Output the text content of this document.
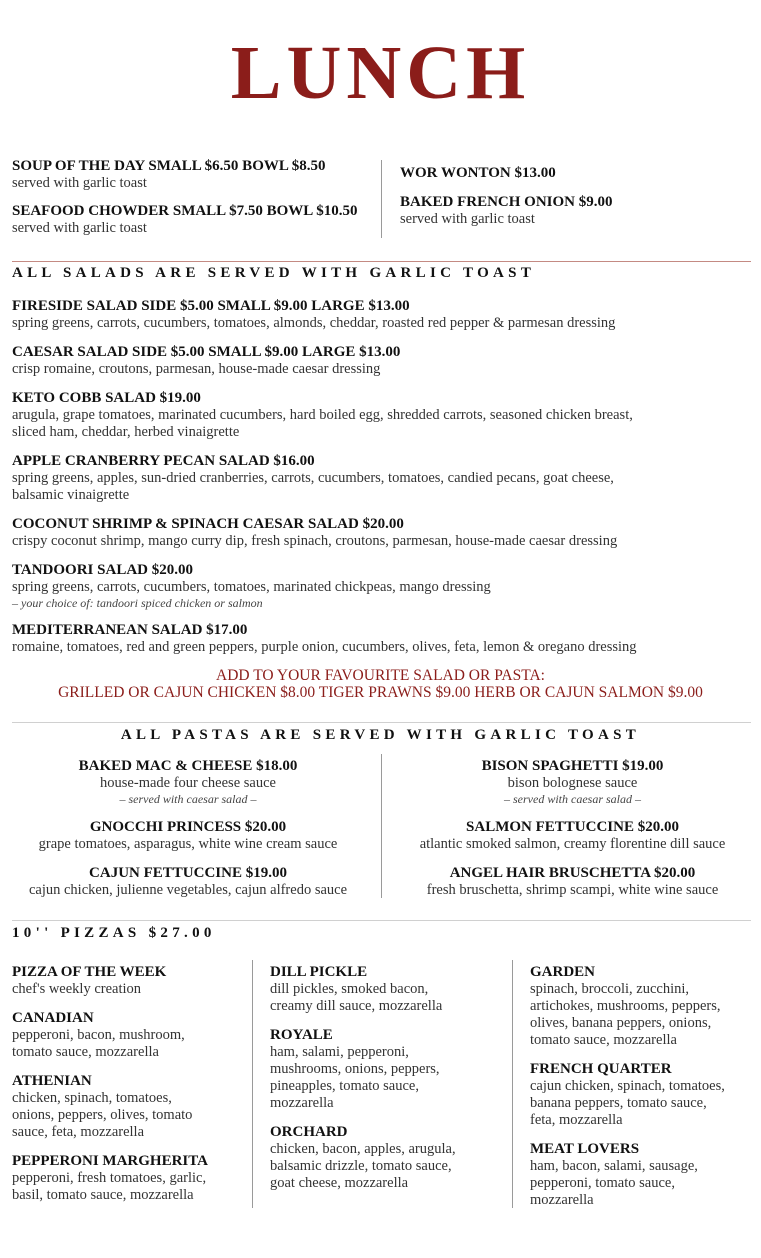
LUNCH
SOUP OF THE DAY SMALL $6.50 BOWL $8.50
served with garlic toast
SEAFOOD CHOWDER SMALL $7.50 BOWL $10.50
served with garlic toast
WOR WONTON $13.00
BAKED FRENCH ONION $9.00
served with garlic toast
ALL SALADS ARE SERVED WITH GARLIC TOAST
FIRESIDE SALAD SIDE $5.00 SMALL $9.00 LARGE $13.00
spring greens, carrots, cucumbers, tomatoes, almonds, cheddar, roasted red pepper & parmesan dressing
CAESAR SALAD SIDE $5.00 SMALL $9.00 LARGE $13.00
crisp romaine, croutons, parmesan, house-made caesar dressing
KETO COBB SALAD $19.00
arugula, grape tomatoes, marinated cucumbers, hard boiled egg, shredded carrots, seasoned chicken breast,
sliced ham, cheddar, herbed vinaigrette
APPLE CRANBERRY PECAN SALAD $16.00
spring greens, apples, sun-dried cranberries, carrots, cucumbers, tomatoes, candied pecans, goat cheese,
balsamic vinaigrette
COCONUT SHRIMP & SPINACH CAESAR SALAD $20.00
crispy coconut shrimp, mango curry dip, fresh spinach, croutons, parmesan, house-made caesar dressing
TANDOORI SALAD $20.00
spring greens, carrots, cucumbers, tomatoes, marinated chickpeas, mango dressing
– your choice of: tandoori spiced chicken or salmon
MEDITERRANEAN SALAD $17.00
romaine, tomatoes, red and green peppers, purple onion, cucumbers, olives, feta, lemon & oregano dressing
ADD TO YOUR FAVOURITE SALAD OR PASTA:
GRILLED OR CAJUN CHICKEN $8.00 TIGER PRAWNS $9.00 HERB OR CAJUN SALMON $9.00
ALL PASTAS ARE SERVED WITH GARLIC TOAST
BAKED MAC & CHEESE $18.00
house-made four cheese sauce
– served with caesar salad –
GNOCCHI PRINCESS $20.00
grape tomatoes, asparagus, white wine cream sauce
CAJUN FETTUCCINE $19.00
cajun chicken, julienne vegetables, cajun alfredo sauce
BISON SPAGHETTI $19.00
bison bolognese sauce
– served with caesar salad –
SALMON FETTUCCINE $20.00
atlantic smoked salmon, creamy florentine dill sauce
ANGEL HAIR BRUSCHETTA $20.00
fresh bruschetta, shrimp scampi, white wine sauce
10'' PIZZAS $27.00
PIZZA OF THE WEEK
chef's weekly creation
CANADIAN
pepperoni, bacon, mushroom,
tomato sauce, mozzarella
ATHENIAN
chicken, spinach, tomatoes,
onions, peppers, olives, tomato
sauce, feta, mozzarella
PEPPERONI MARGHERITA
pepperoni, fresh tomatoes, garlic,
basil, tomato sauce, mozzarella
DILL PICKLE
dill pickles, smoked bacon,
creamy dill sauce, mozzarella
ROYALE
ham, salami, pepperoni,
mushrooms, onions, peppers,
pineapples, tomato sauce,
mozzarella
ORCHARD
chicken, bacon, apples, arugula,
balsamic drizzle, tomato sauce,
goat cheese, mozzarella
GARDEN
spinach, broccoli, zucchini,
artichokes, mushrooms, peppers,
olives, banana peppers, onions,
tomato sauce, mozzarella
FRENCH QUARTER
cajun chicken, spinach, tomatoes,
banana peppers, tomato sauce,
feta, mozzarella
MEAT LOVERS
ham, bacon, salami, sausage,
pepperoni, tomato sauce,
mozzarella
